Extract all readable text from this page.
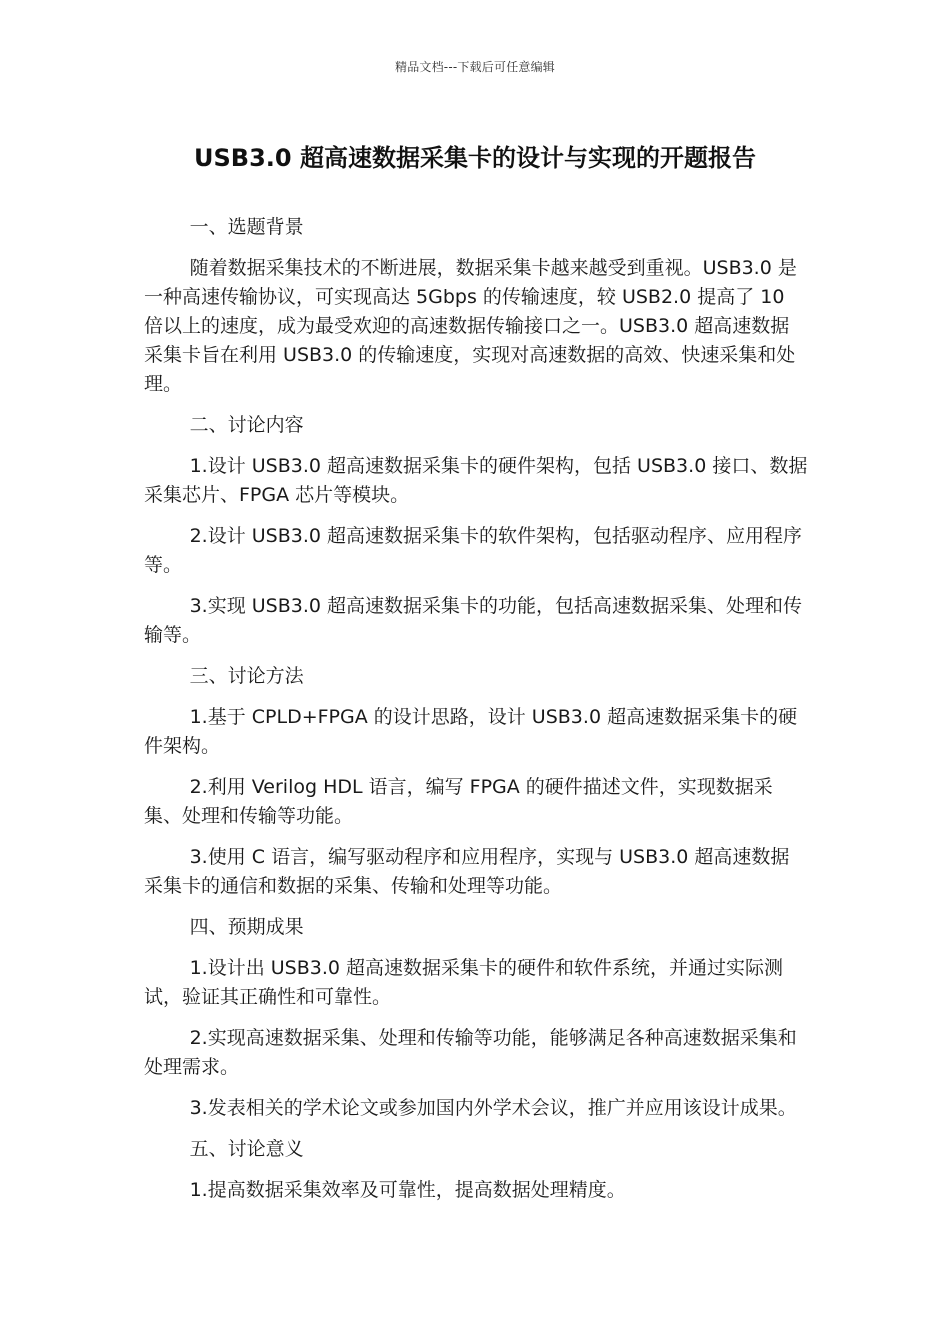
精品文档---下载后可任意编辑
USB3.0 超高速数据采集卡的设计与实现的开题报告

一、选题背景

随着数据采集技术的不断进展，数据采集卡越来越受到重视。USB3.0 是一种高速传输协议，可实现高达 5Gbps 的传输速度，较 USB2.0 提高了 10 倍以上的速度，成为最受欢迎的高速数据传输接口之一。USB3.0 超高速数据采集卡旨在利用 USB3.0 的传输速度，实现对高速数据的高效、快速采集和处理。

二、讨论内容

1.设计 USB3.0 超高速数据采集卡的硬件架构，包括 USB3.0 接口、数据采集芯片、FPGA 芯片等模块。

2.设计 USB3.0 超高速数据采集卡的软件架构，包括驱动程序、应用程序等。

3.实现 USB3.0 超高速数据采集卡的功能，包括高速数据采集、处理和传输等。

三、讨论方法

1.基于 CPLD+FPGA 的设计思路，设计 USB3.0 超高速数据采集卡的硬件架构。

2.利用 Verilog HDL 语言，编写 FPGA 的硬件描述文件，实现数据采集、处理和传输等功能。

3.使用 C 语言，编写驱动程序和应用程序，实现与 USB3.0 超高速数据采集卡的通信和数据的采集、传输和处理等功能。

四、预期成果

1.设计出 USB3.0 超高速数据采集卡的硬件和软件系统，并通过实际测试，验证其正确性和可靠性。

2.实现高速数据采集、处理和传输等功能，能够满足各种高速数据采集和处理需求。

3.发表相关的学术论文或参加国内外学术会议，推广并应用该设计成果。

五、讨论意义

1.提高数据采集效率及可靠性，提高数据处理精度。
